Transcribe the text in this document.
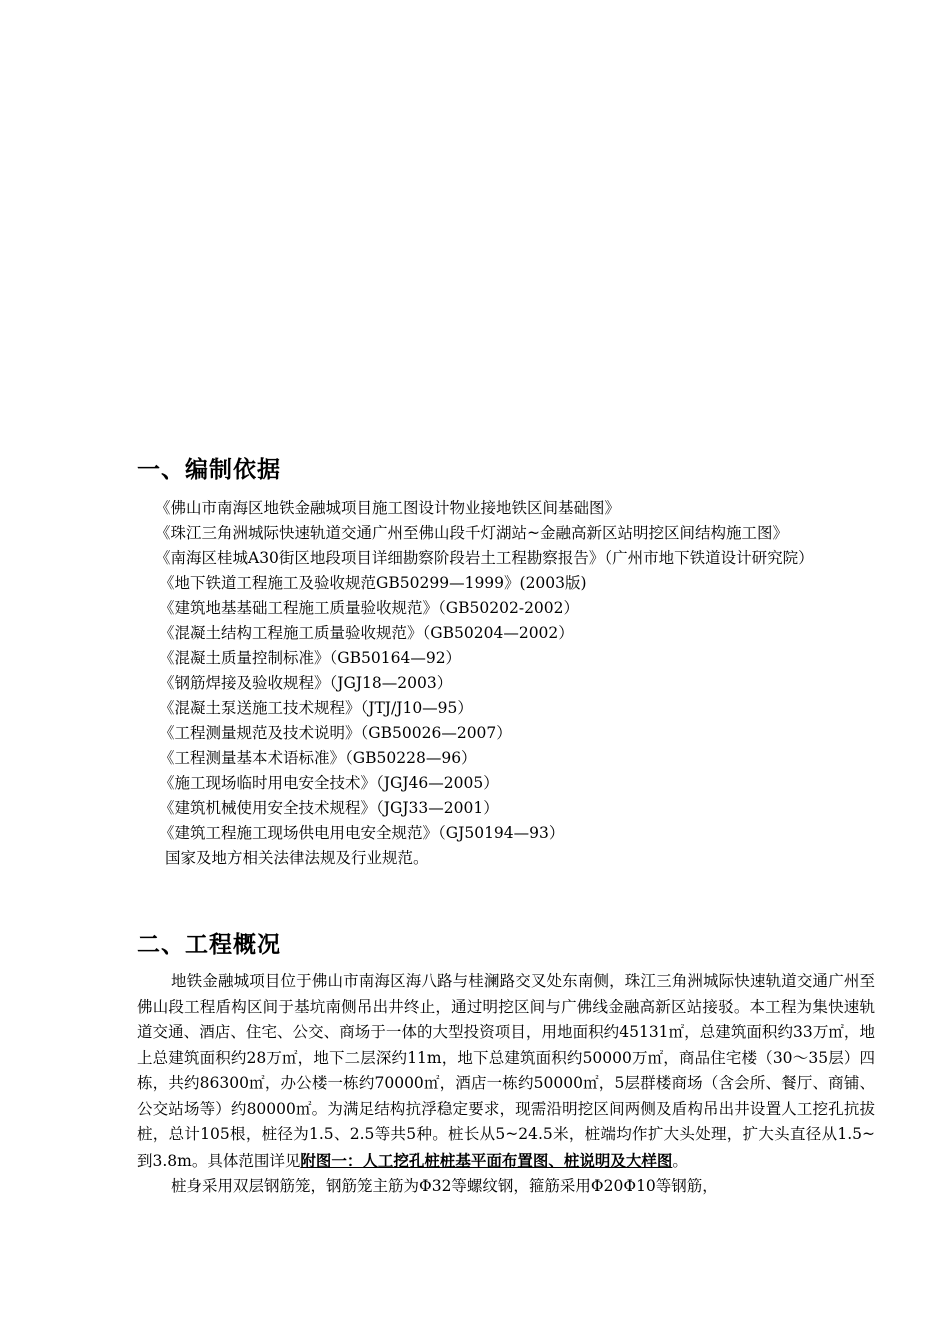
一、编制依据

《佛山市南海区地铁金融城项目施工图设计物业接地铁区间基础图》

《珠江三角洲城际快速轨道交通广州至佛山段千灯湖站~金融高新区站明挖区间结构施工图》

《南海区桂城A30街区地段项目详细勘察阶段岩土工程勘察报告》（广州市地下铁道设计研究院）

《地下铁道工程施工及验收规范GB50299—1999》(2003版)

《建筑地基基础工程施工质量验收规范》（GB50202-2002）

《混凝土结构工程施工质量验收规范》（GB50204—2002）

《混凝土质量控制标准》（GB50164—92）

《钢筋焊接及验收规程》（JGJ18—2003）

《混凝土泵送施工技术规程》（JTJ/J10—95）

《工程测量规范及技术说明》（GB50026—2007）

《工程测量基本术语标准》（GB50228—96）

《施工现场临时用电安全技术》（JGJ46—2005）

《建筑机械使用安全技术规程》（JGJ33—2001）

《建筑工程施工现场供电用电安全规范》（GJ50194—93）

国家及地方相关法律法规及行业规范。

二、工程概况

地铁金融城项目位于佛山市南海区海八路与桂澜路交叉处东南侧，珠江三角洲城际快速轨道交通广州至佛山段工程盾构区间于基坑南侧吊出井终止，通过明挖区间与广佛线金融高新区站接驳。本工程为集快速轨道交通、酒店、住宅、公交、商场于一体的大型投资项目，用地面积约45131㎡，总建筑面积约33万㎡，地上总建筑面积约28万㎡，地下二层深约11m，地下总建筑面积约50000万㎡，商品住宅楼（30～35层）四栋，共约86300㎡，办公楼一栋约70000㎡，酒店一栋约50000㎡，5层群楼商场（含会所、餐厅、商铺、公交站场等）约80000㎡。为满足结构抗浮稳定要求，现需沿明挖区间两侧及盾构吊出井设置人工挖孔抗拔桩，总计105根，桩径为1.5、2.5等共5种。桩长从5~24.5米，桩端均作扩大头处理，扩大头直径从1.5~到3.8m。具体范围详见附图一：人工挖孔桩桩基平面布置图、桩说明及大样图。

桩身采用双层钢筋笼，钢筋笼主筋为Φ32等螺纹钢，箍筋采用Φ20Φ10等钢筋，
